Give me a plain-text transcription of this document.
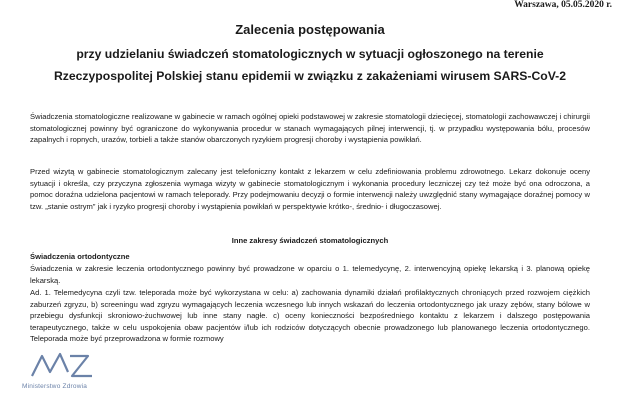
Warszawa, 05.05.2020 r.
Zalecenia postępowania
przy udzielaniu świadczeń stomatologicznych w sytuacji ogłoszonego na terenie
Rzeczypospolitej Polskiej stanu epidemii w związku z zakażeniami wirusem SARS-CoV-2

Świadczenia stomatologiczne realizowane w gabinecie w ramach ogólnej opieki podstawowej w zakresie stomatologii dziecięcej, stomatologii zachowawczej i chirurgii stomatologicznej powinny być ograniczone do wykonywania procedur w stanach wymagających pilnej interwencji, tj. w przypadku występowania bólu, procesów zapalnych i ropnych, urazów, torbieli a także stanów obarczonych ryzykiem progresji choroby i wystąpienia powikłań.

Przed wizytą w gabinecie stomatologicznym zalecany jest telefoniczny kontakt z lekarzem w celu zdefiniowania problemu zdrowotnego. Lekarz dokonuje oceny sytuacji i określa, czy przyczyna zgłoszenia wymaga wizyty w gabinecie stomatologicznym i wykonania procedury leczniczej czy też może być ona odroczona, a pomoc doraźna udzielona pacjentowi w ramach teleporady. Przy podejmowaniu decyzji o formie interwencji należy uwzględnić stany wymagające doraźnej pomocy w tzw. „stanie ostrym” jak i ryzyko progresji choroby i wystąpienia powikłań w perspektywie krótko-, średnio- i długoczasowej.

Inne zakresy świadczeń stomatologicznych
Świadczenia ortodontyczne

Świadczenia w zakresie leczenia ortodontycznego powinny być prowadzone w oparciu o 1. telemedycynę, 2. interwencyjną opiekę lekarską i 3. planową opiekę lekarską.

Ad. 1. Telemedycyna czyli tzw. teleporada może być wykorzystana w celu: a) zachowania dynamiki działań profilaktycznych chroniących przed rozwojem ciężkich zaburzeń zgryzu, b) screeningu wad zgryzu wymagających leczenia wczesnego lub innych wskazań do leczenia ortodontycznego jak urazy zębów, stany bólowe w przebiegu dysfunkcji skroniowo-żuchwowej lub inne stany nagłe. c) oceny konieczności bezpośredniego kontaktu z lekarzem i dalszego postępowania terapeutycznego, także w celu uspokojenia obaw pacjentów i/lub ich rodziców dotyczących obecnie prowadzonego lub planowanego leczenia ortodontycznego. Teleporada może być przeprowadzona w formie rozmowy

Ministerstwo Zdrowia
